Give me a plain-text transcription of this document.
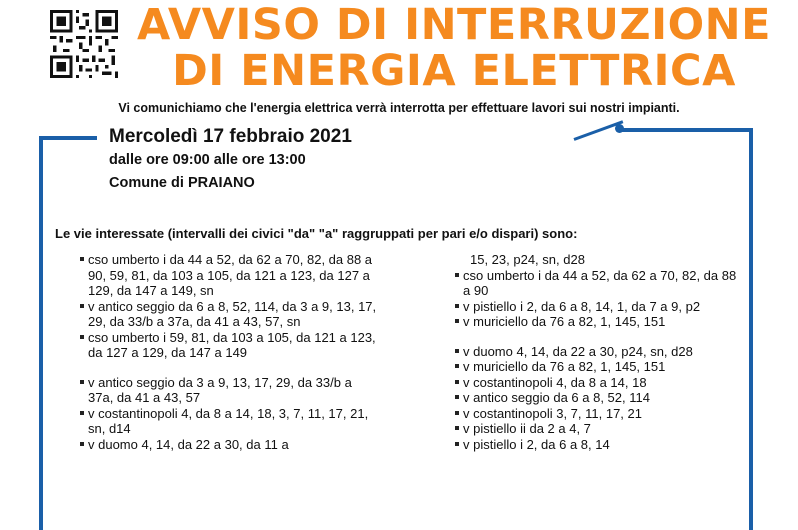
AVVISO DI INTERRUZIONE
DI ENERGIA ELETTRICA
Vi comunichiamo che l'energia elettrica verrà interrotta per effettuare lavori sui nostri impianti.
Mercoledì 17 febbraio 2021
dalle ore 09:00 alle ore 13:00
Comune di PRAIANO
Le vie interessate (intervalli dei civici "da" "a" raggruppati per pari e/o dispari) sono:
cso umberto i da 44 a 52, da 62 a 70, 82, da 88 a 90, 59, 81, da 103 a 105, da 121 a 123, da 127 a 129, da 147 a 149, sn
v antico seggio da 6 a 8, 52, 114, da 3 a 9, 13, 17, 29, da 33/b a 37a, da 41 a 43, 57, sn
cso umberto i 59, 81, da 103 a 105, da 121 a 123, da 127 a 129, da 147 a 149
v antico seggio da 3 a 9, 13, 17, 29, da 33/b a 37a, da 41 a 43, 57
v costantinopoli 4, da 8 a 14, 18, 3, 7, 11, 17, 21, sn, d14
v duomo 4, 14, da 22 a 30, da 11 a
15, 23, p24, sn, d28
cso umberto i da 44 a 52, da 62 a 70, 82, da 88 a 90
v pistiello i 2, da 6 a 8, 14, 1, da 7 a 9, p2
v muriciello da 76 a 82, 1, 145, 151
v duomo 4, 14, da 22 a 30, p24, sn, d28
v muriciello da 76 a 82, 1, 145, 151
v costantinopoli 4, da 8 a 14, 18
v antico seggio da 6 a 8, 52, 114
v costantinopoli 3, 7, 11, 17, 21
v pistiello ii da 2 a 4, 7
v pistiello i 2, da 6 a 8, 14
